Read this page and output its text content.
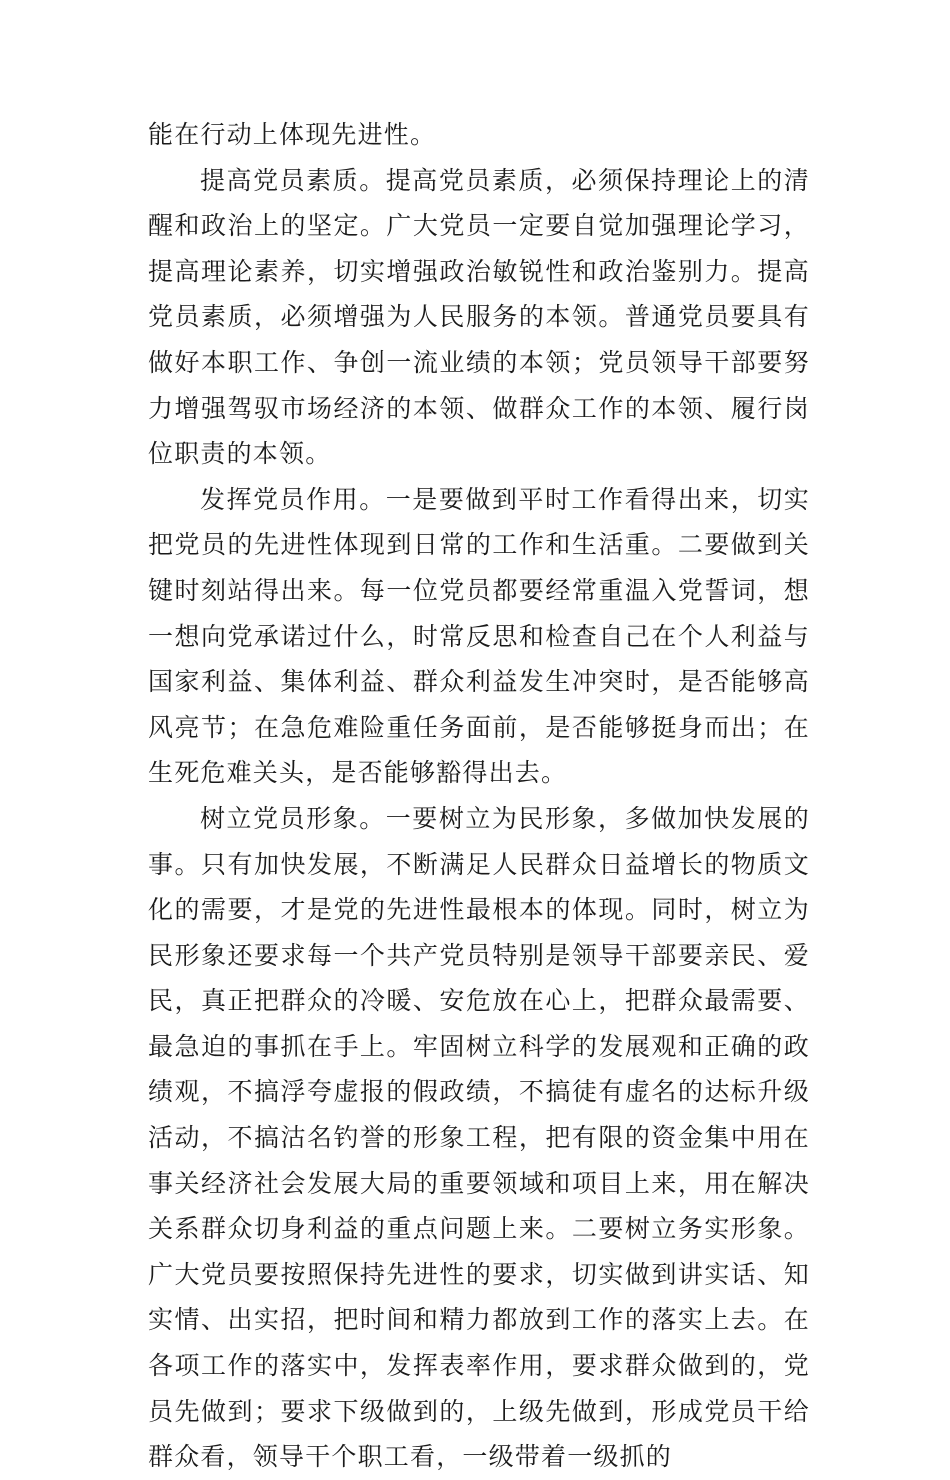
能在行动上体现先进性。

提高党员素质。提高党员素质，必须保持理论上的清醒和政治上的坚定。广大党员一定要自觉加强理论学习，提高理论素养，切实增强政治敏锐性和政治鉴别力。提高党员素质，必须增强为人民服务的本领。普通党员要具有做好本职工作、争创一流业绩的本领；党员领导干部要努力增强驾驭市场经济的本领、做群众工作的本领、履行岗位职责的本领。

发挥党员作用。一是要做到平时工作看得出来，切实把党员的先进性体现到日常的工作和生活重。二要做到关键时刻站得出来。每一位党员都要经常重温入党誓词，想一想向党承诺过什么，时常反思和检查自己在个人利益与国家利益、集体利益、群众利益发生冲突时，是否能够高风亮节；在急危难险重任务面前，是否能够挺身而出；在生死危难关头，是否能够豁得出去。

树立党员形象。一要树立为民形象，多做加快发展的事。只有加快发展，不断满足人民群众日益增长的物质文化的需要，才是党的先进性最根本的体现。同时，树立为民形象还要求每一个共产党员特别是领导干部要亲民、爱民，真正把群众的冷暖、安危放在心上，把群众最需要、最急迫的事抓在手上。牢固树立科学的发展观和正确的政绩观，不搞浮夸虚报的假政绩，不搞徒有虚名的达标升级活动，不搞沽名钓誉的形象工程，把有限的资金集中用在事关经济社会发展大局的重要领域和项目上来，用在解决关系群众切身利益的重点问题上来。二要树立务实形象。广大党员要按照保持先进性的要求，切实做到讲实话、知实情、出实招，把时间和精力都放到工作的落实上去。在各项工作的落实中，发挥表率作用，要求群众做到的，党员先做到；要求下级做到的，上级先做到，形成党员干给群众看，领导干个职工看，一级带着一级抓的
